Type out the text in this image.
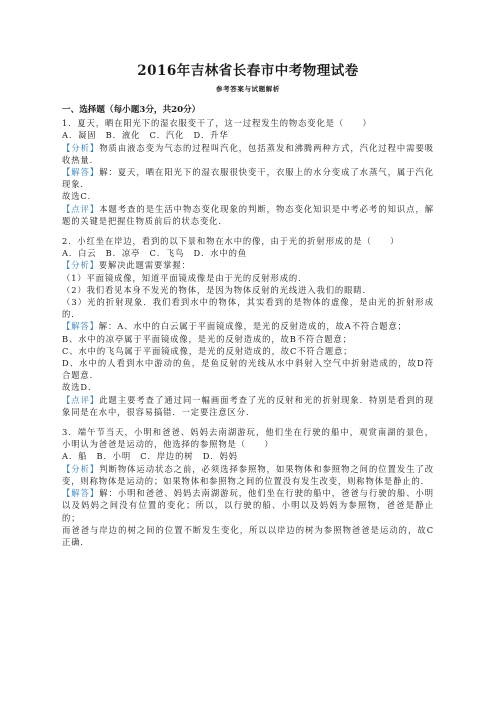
2016年吉林省长春市中考物理试卷
参考答案与试题解析
一、选择题（每小题3分，共20分）
1．夏天，晒在阳光下的湿衣服变干了，这一过程发生的物态变化是（　　）
A．凝固　B．液化　C．汽化　D．升华
【分析】物质由液态变为气态的过程叫汽化，包括蒸发和沸腾两种方式，汽化过程中需要吸收热量．
【解答】解：夏天，晒在阳光下的湿衣服很快变干，衣服上的水分变成了水蒸气，属于汽化现象．
故选C．
【点评】本题考查的是生活中物态变化现象的判断，物态变化知识是中考必考的知识点，解题的关键是把握住物质前后的状态变化．
2．小红坐在岸边，看到的以下景和物在水中的像，由于光的折射形成的是（　　）
A．白云　B．凉亭　C．飞鸟　D．水中的鱼
【分析】要解决此题需要掌握：
（1）平面镜成像，知道平面镜成像是由于光的反射形成的．
（2）我们看见本身不发光的物体，是因为物体反射的光线进入我们的眼睛．
（3）光的折射现象．我们看到水中的物体，其实看到的是物体的虚像，是由光的折射形成的．
【解答】解：A、水中的白云属于平面镜成像，是光的反射造成的，故A不符合题意；
B、水中的凉亭属于平面镜成像，是光的反射造成的，故B不符合题意；
C、水中的飞鸟属于平面镜成像，是光的反射造成的，故C不符合题意；
D、水中的人看到水中游动的鱼，是鱼反射的光线从水中斜射入空气中折射造成的，故D符合题意．
故选D．
【点评】此题主要考查了通过同一幅画面考查了光的反射和光的折射现象．特别是看到的现象同是在水中，很容易搞错．一定要注意区分．
3．端午节当天，小明和爸爸、妈妈去南湖游玩，他们坐在行驶的船中，观赏南湖的景色，小明认为爸爸是运动的，他选择的参照物是（　　）
A．船　B．小明　C．岸边的树　D．妈妈
【分析】判断物体运动状态之前，必须选择参照物，如果物体和参照物之间的位置发生了改变，则称物体是运动的；如果物体和参照物之间的位置没有发生改变，则称物体是静止的．
【解答】解：小明和爸爸、妈妈去南湖游玩，他们坐在行驶的船中，爸爸与行驶的船、小明以及妈妈之间没有位置的变化；所以，以行驶的船、小明以及妈妈为参照物，爸爸是静止的；
而爸爸与岸边的树之间的位置不断发生变化，所以以岸边的树为参照物爸爸是运动的，故C正确．
